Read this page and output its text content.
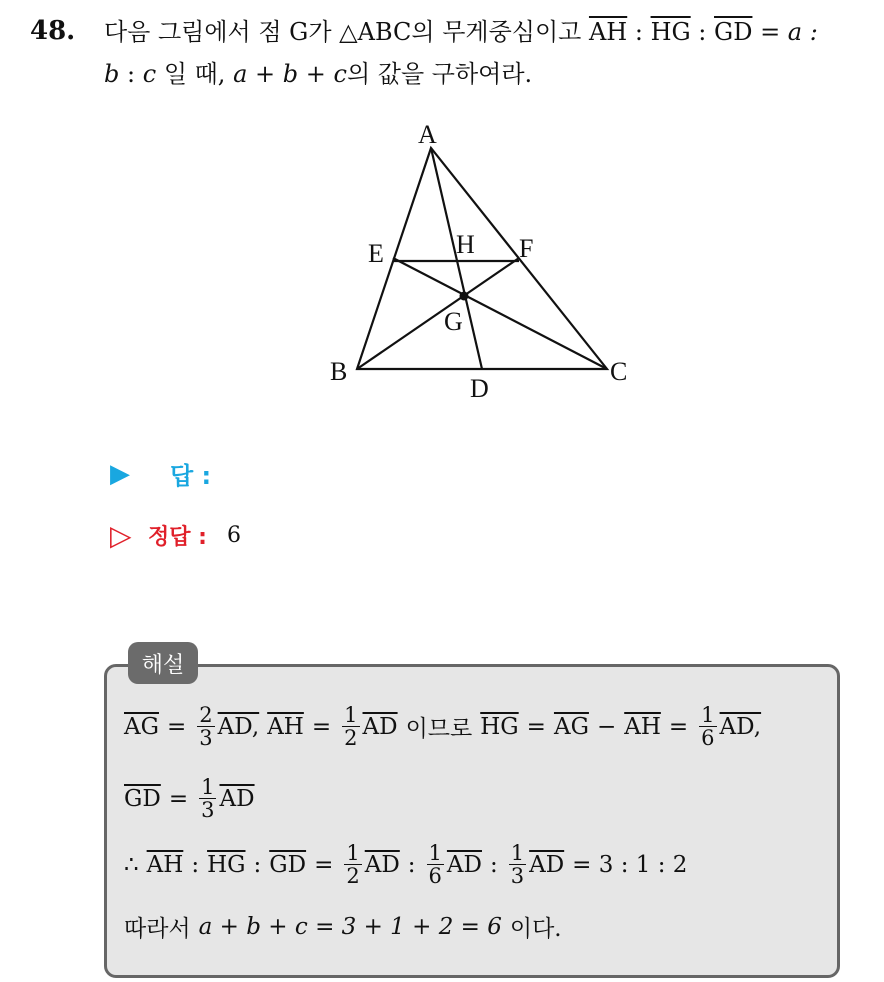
48. 다음 그림에서 점 G가 △ABC의 무게중심이고 $\overline{AH}$ : $\overline{HG}$ : $\overline{GD} = a$ :
b : c 일 때, a + b + c의 값을 구하여라.
A
B	C
D
E	F
G
H
▶	답 :
▷ 정답 : 6
해설
$\overline{AG} = \frac{2}{3}$ AD, $\overline{AH} = \frac{1}{2} \overline{AD}$ 이므로 $\overline{HG} = \overline{AG} - \overline{AH} = \frac{1}{6}$ AD,
$\overline{GD} = \frac{1}{3} \overline{AD}$
∴ $\overline{AH}$ : $\overline{HG}$ : $\overline{GD} = \frac{1}{2} \overline{AD}$ : $\frac{1}{6} \overline{AD}$ : $\frac{1}{3} \overline{AD} = 3$ : 1 : 2
따라서 a + b + c = 3 + 1 + 2 = 6 이다.
